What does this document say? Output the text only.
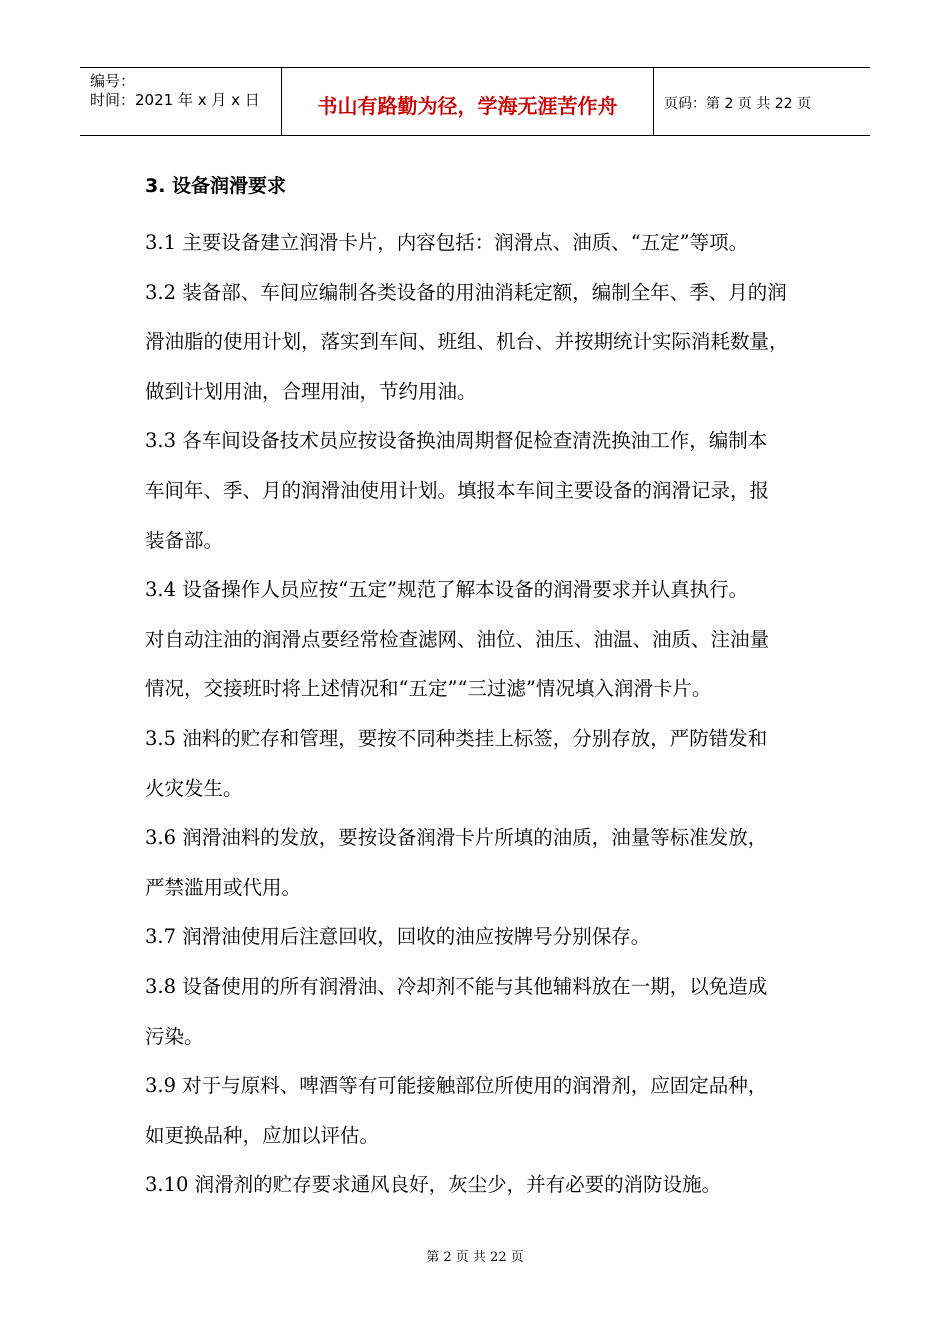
编号：
时间：2021 年 x 月 x 日	书山有路勤为径，学海无涯苦作舟	页码：第 2 页 共 22 页
3. 设备润滑要求
3.1 主要设备建立润滑卡片，内容包括：润滑点、油质、“五定”等项。
3.2 装备部、车间应编制各类设备的用油消耗定额，编制全年、季、月的润
滑油脂的使用计划，落实到车间、班组、机台、并按期统计实际消耗数量，
做到计划用油，合理用油，节约用油。
3.3 各车间设备技术员应按设备换油周期督促检查清洗换油工作，编制本
车间年、季、月的润滑油使用计划。填报本车间主要设备的润滑记录，报
装备部。
3.4 设备操作人员应按“五定”规范了解本设备的润滑要求并认真执行。
对自动注油的润滑点要经常检查滤网、油位、油压、油温、油质、注油量
情况，交接班时将上述情况和“五定”“三过滤”情况填入润滑卡片。
3.5 油料的贮存和管理，要按不同种类挂上标签，分别存放，严防错发和
火灾发生。
3.6 润滑油料的发放，要按设备润滑卡片所填的油质，油量等标准发放，
严禁滥用或代用。
3.7 润滑油使用后注意回收，回收的油应按牌号分别保存。
3.8 设备使用的所有润滑油、冷却剂不能与其他辅料放在一期，以免造成
污染。
3.9 对于与原料、啤酒等有可能接触部位所使用的润滑剂，应固定品种，
如更换品种，应加以评估。
3.10 润滑剂的贮存要求通风良好，灰尘少，并有必要的消防设施。
第 2 页 共 22 页
